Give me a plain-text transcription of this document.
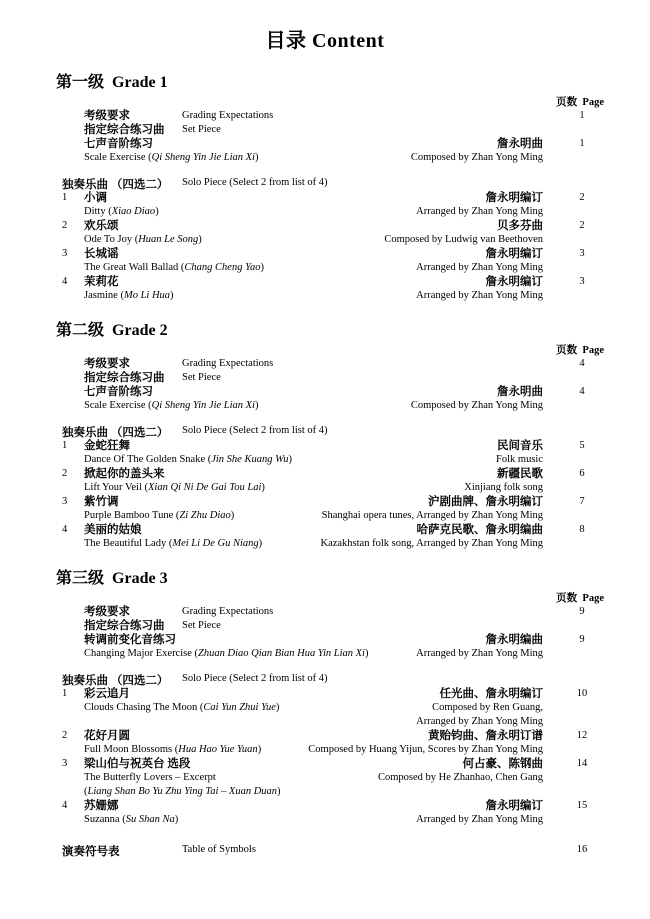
目录 Content
第一级 Grade 1
页数 Page
考级要求	Grading Expectations	1
指定综合练习曲 Set Piece
七声音阶练习	詹永明曲	1
Scale Exercise (Qi Sheng Yin Jie Lian Xi)	Composed by Zhan Yong Ming
独奏乐曲 （四选二） Solo Piece (Select 2 from list of 4)
1	小调	詹永明编订	2
Ditty (Xiao Diao)	Arranged by Zhan Yong Ming
2	欢乐颂	贝多芬曲	2
Ode To Joy (Huan Le Song)	Composed by Ludwig van Beethoven
3	长城谣	詹永明编订	3
The Great Wall Ballad (Chang Cheng Yao)	Arranged by Zhan Yong Ming
4	茉莉花	詹永明编订	3
Jasmine (Mo Li Hua)	Arranged by Zhan Yong Ming
第二级 Grade 2
页数 Page
考级要求	Grading Expectations	4
指定综合练习曲 Set Piece
七声音阶练习	詹永明曲	4
Scale Exercise (Qi Sheng Yin Jie Lian Xi)	Composed by Zhan Yong Ming
独奏乐曲 （四选二） Solo Piece (Select 2 from list of 4)
1	金蛇狂舞	民间音乐	5
Dance Of The Golden Snake (Jin She Kuang Wu)	Folk music
2	掀起你的盖头来	新疆民歌	6
Lift Your Veil (Xian Qi Ni De Gai Tou Lai)	Xinjiang folk song
3	紫竹调	沪剧曲牌、詹永明编订	7
Purple Bamboo Tune (Zi Zhu Diao)	Shanghai opera tunes, Arranged by Zhan Yong Ming
4	美丽的姑娘	哈萨克民歌、詹永明编曲	8
The Beautiful Lady (Mei Li De Gu Niang)	Kazakhstan folk song, Arranged by Zhan Yong Ming
第三级 Grade 3
页数 Page
考级要求	Grading Expectations	9
指定综合练习曲 Set Piece
转调前变化音练习	詹永明编曲	9
Changing Major Exercise (Zhuan Diao Qian Bian Hua Yin Lian Xi)	Arranged by Zhan Yong Ming
独奏乐曲 （四选二） Solo Piece (Select 2 from list of 4)
1	彩云追月	任光曲、詹永明编订	10
Clouds Chasing The Moon (Cai Yun Zhui Yue)	Composed by Ren Guang,
Arranged by Zhan Yong Ming
2	花好月圆	黄贻钧曲、詹永明订谱	12
Full Moon Blossoms (Hua Hao Yue Yuan)	Composed by Huang Yijun, Scores by Zhan Yong Ming
3	梁山伯与祝英台 选段	何占豪、陈钢曲	14
The Butterfly Lovers – Excerpt	Composed by He Zhanhao, Chen Gang
(Liang Shan Bo Yu Zhu Ying Tai – Xuan Duan)
4	苏姗娜	詹永明编订	15
Suzanna (Su Shan Na)	Arranged by Zhan Yong Ming
演奏符号表	Table of Symbols	16
